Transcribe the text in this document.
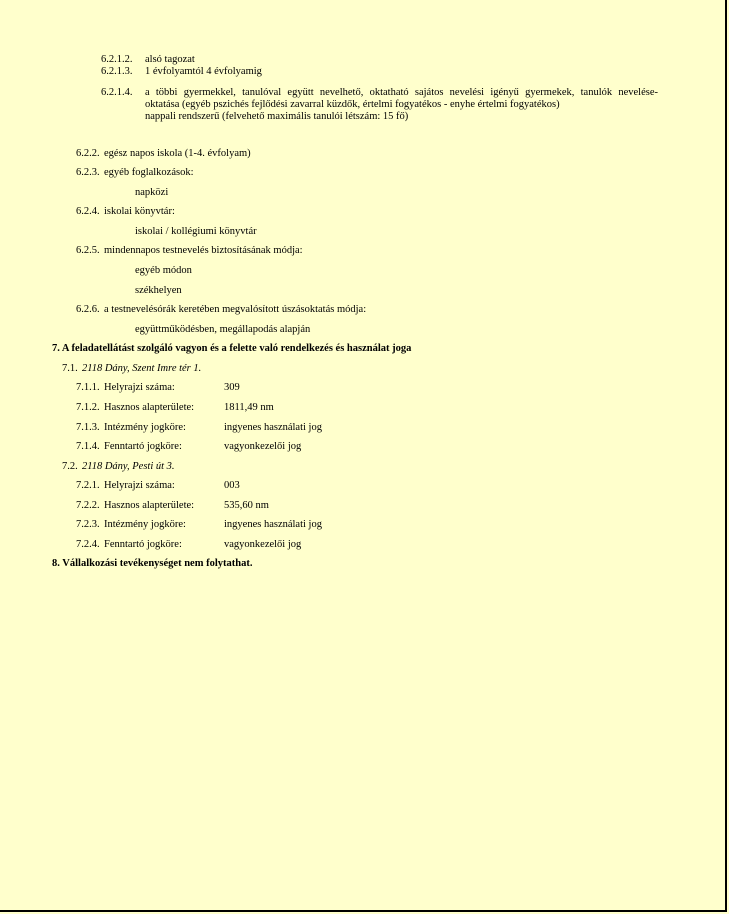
6.2.1.2. alsó tagozat
6.2.1.3. 1 évfolyamtól 4 évfolyamig
6.2.1.4. a többi gyermekkel, tanulóval együtt nevelhető, oktatható sajátos nevelési igényű gyermekek, tanulók nevelése-
oktatása (egyéb pszichés fejlődési zavarral küzdők, értelmi fogyatékos - enyhe értelmi fogyatékos)
nappali rendszerű (felvehető maximális tanulói létszám: 15 fő)
6.2.2. egész napos iskola (1-4. évfolyam)
6.2.3. egyéb foglalkozások:
napközi
6.2.4. iskolai könyvtár:
iskolai / kollégiumi könyvtár
6.2.5. mindennapos testnevelés biztosításának módja:
egyéb módon
székhelyen
6.2.6. a testnevelésórák keretében megvalósított úszásoktatás módja:
együttműködésben, megállapodás alapján
7. A feladatellátást szolgáló vagyon és a felette való rendelkezés és használat joga
7.1. 2118 Dány, Szent Imre tér 1.
7.1.1. Helyrajzi száma:	309
7.1.2. Hasznos alapterülete:	1811,49 nm
7.1.3. Intézmény jogköre:	ingyenes használati jog
7.1.4. Fenntartó jogköre:	vagyonkezelői jog
7.2. 2118 Dány, Pesti út 3.
7.2.1. Helyrajzi száma:	003
7.2.2. Hasznos alapterülete:	535,60 nm
7.2.3. Intézmény jogköre:	ingyenes használati jog
7.2.4. Fenntartó jogköre:	vagyonkezelői jog
8. Vállalkozási tevékenységet nem folytathat.
